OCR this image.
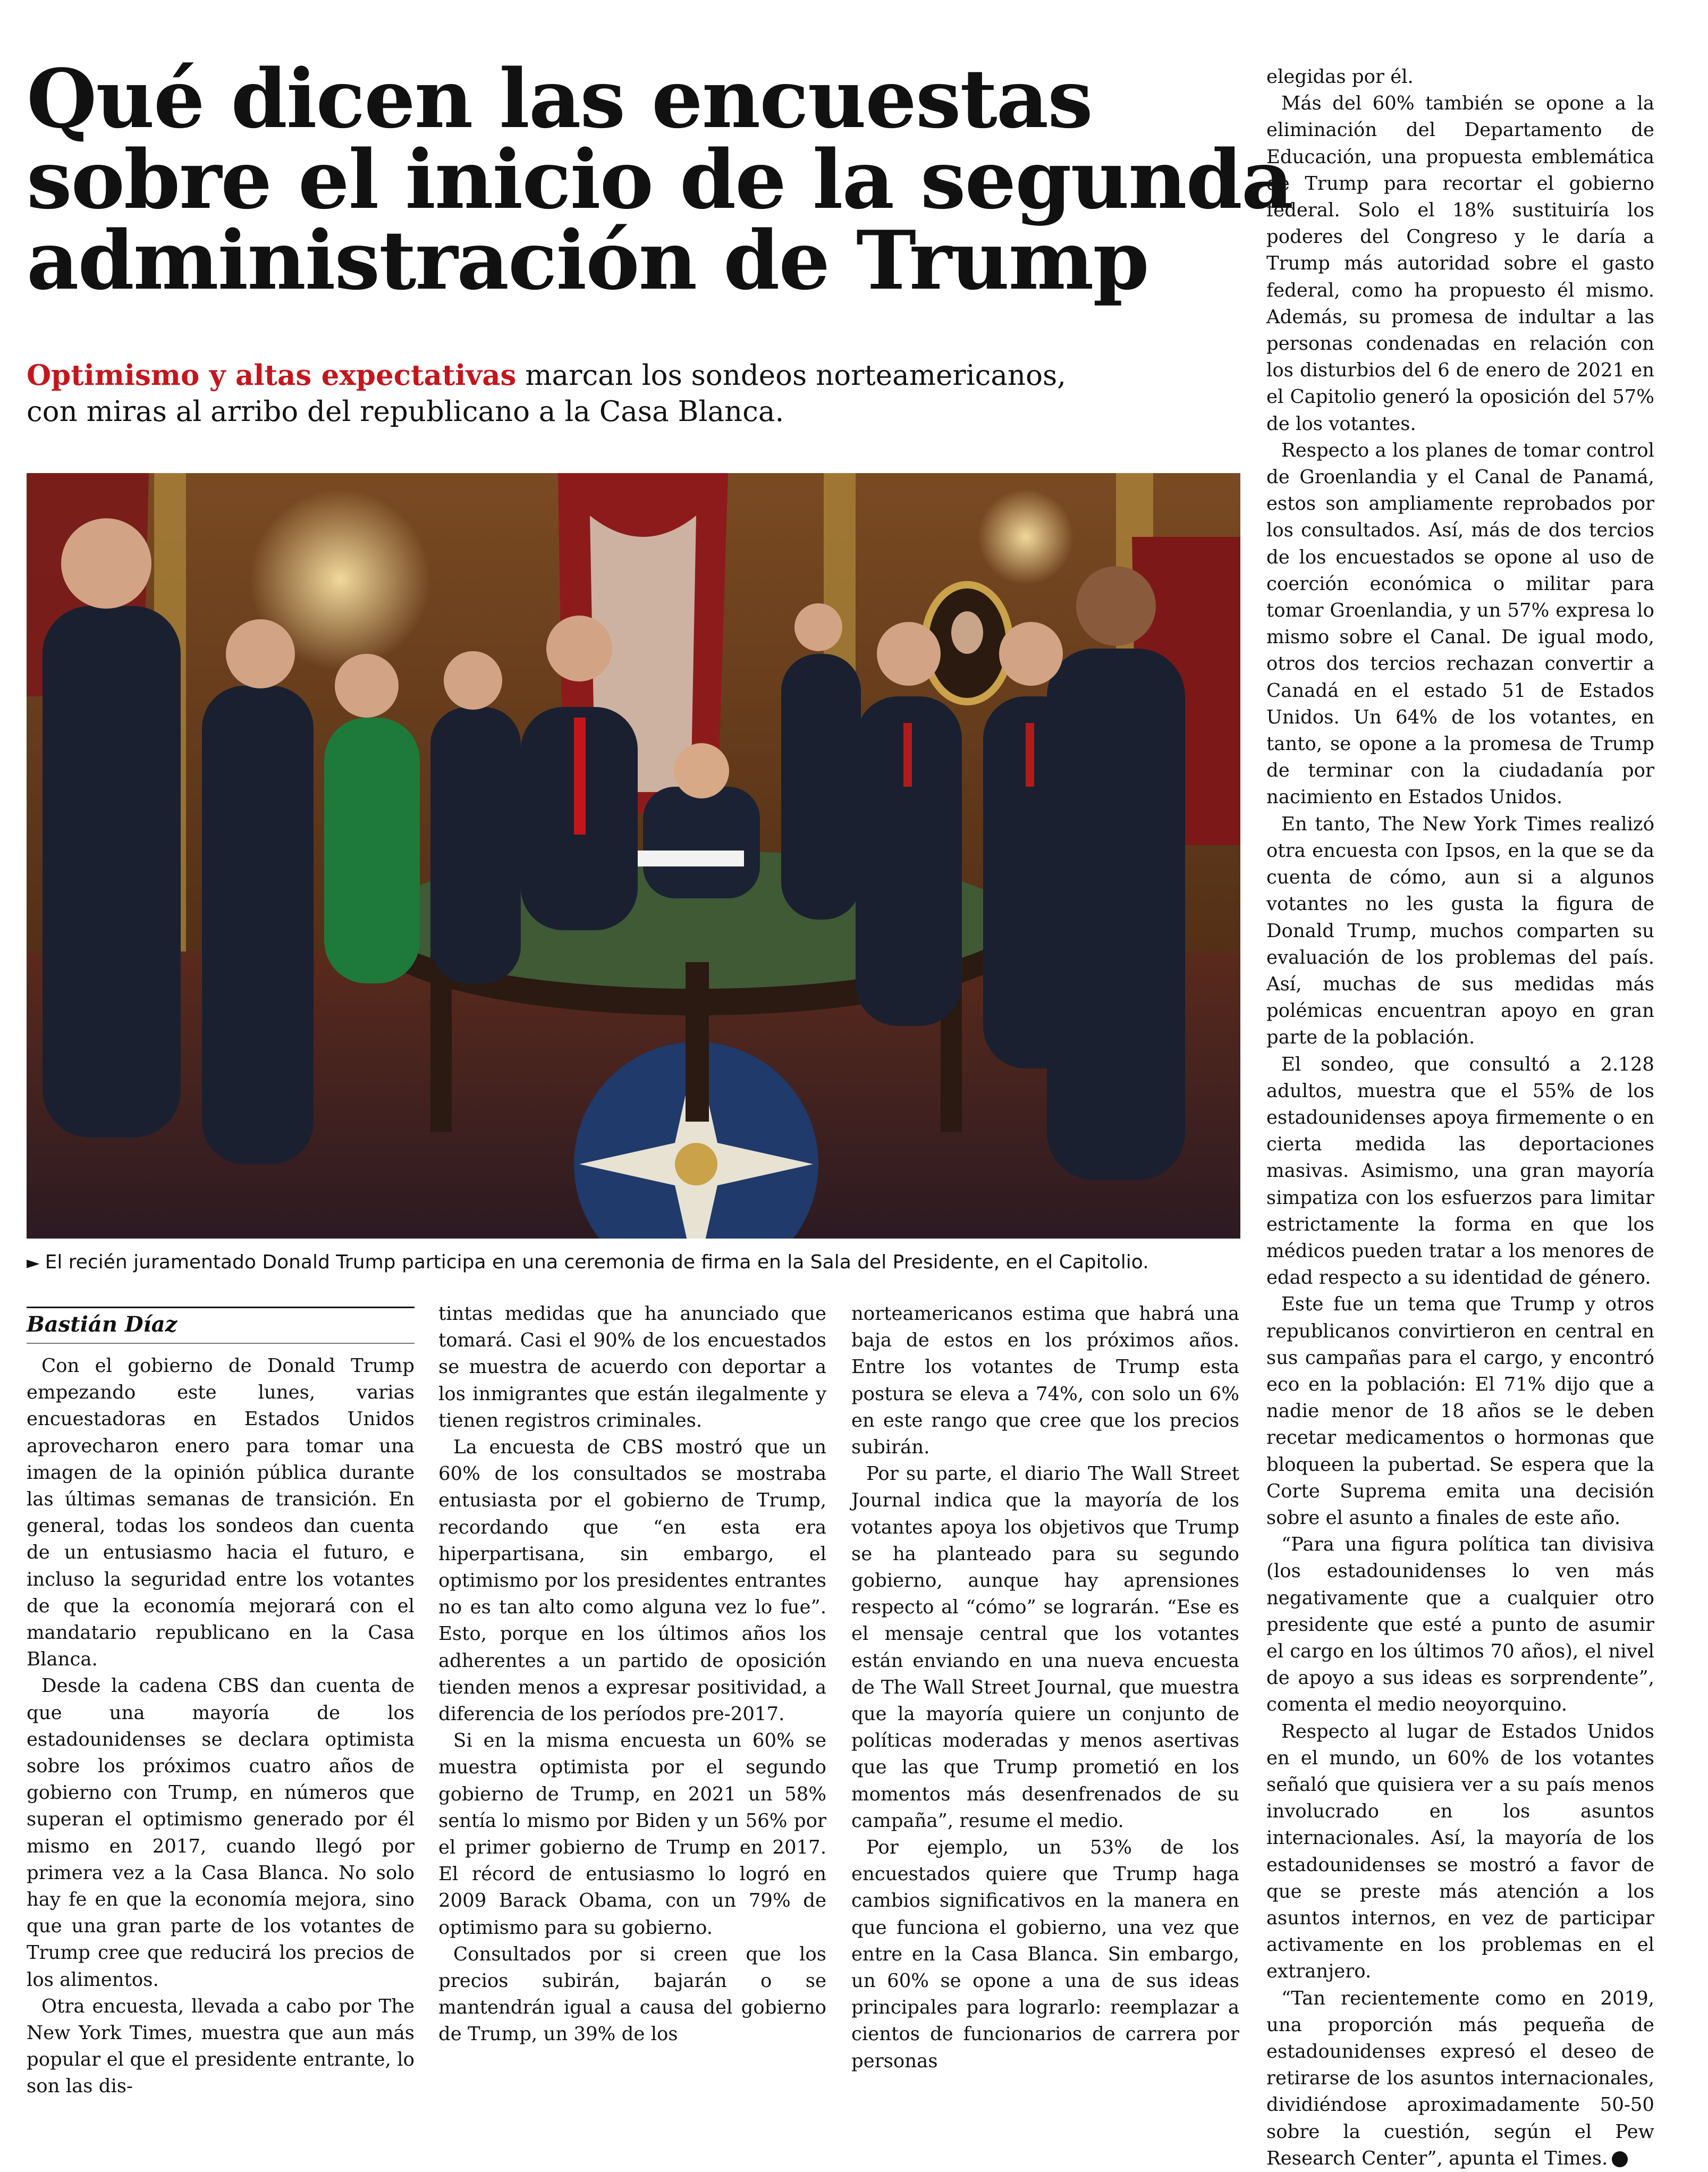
Qué dicen las encuestas
sobre el inicio de la segunda
administración de Trump
Optimismo y altas expectativas marcan los sondeos norteamericanos,
con miras al arribo del republicano a la Casa Blanca.
► El recién juramentado Donald Trump participa en una ceremonia de firma en la Sala del Presidente, en el Capitolio.
Bastián Díaz

Con el gobierno de Donald Trump empezando este lunes, varias encuestadoras en Estados Unidos aprovecharon enero para tomar una imagen de la opinión pública durante las últimas semanas de transición. En general, todas los sondeos dan cuenta de un entusiasmo hacia el futuro, e incluso la seguridad entre los votantes de que la economía mejorará con el mandatario republicano en la Casa Blanca.

Desde la cadena CBS dan cuenta de que una mayoría de los estadounidenses se declara optimista sobre los próximos cuatro años de gobierno con Trump, en números que superan el optimismo generado por él mismo en 2017, cuando llegó por primera vez a la Casa Blanca. No solo hay fe en que la economía mejora, sino que una gran parte de los votantes de Trump cree que reducirá los precios de los alimentos.

Otra encuesta, llevada a cabo por The New York Times, muestra que aun más popular el que el presidente entrante, lo son las dis-

tintas medidas que ha anunciado que tomará. Casi el 90% de los encuestados se muestra de acuerdo con deportar a los inmigrantes que están ilegalmente y tienen registros criminales.

La encuesta de CBS mostró que un 60% de los consultados se mostraba entusiasta por el gobierno de Trump, recordando que “en esta era hiperpartisana, sin embargo, el optimismo por los presidentes entrantes no es tan alto como alguna vez lo fue”. Esto, porque en los últimos años los adherentes a un partido de oposición tienden menos a expresar positividad, a diferencia de los períodos pre-2017.

Si en la misma encuesta un 60% se muestra optimista por el segundo gobierno de Trump, en 2021 un 58% sentía lo mismo por Biden y un 56% por el primer gobierno de Trump en 2017. El récord de entusiasmo lo logró en 2009 Barack Obama, con un 79% de optimismo para su gobierno.

Consultados por si creen que los precios subirán, bajarán o se mantendrán igual a causa del gobierno de Trump, un 39% de los

norteamericanos estima que habrá una baja de estos en los próximos años. Entre los votantes de Trump esta postura se eleva a 74%, con solo un 6% en este rango que cree que los precios subirán.

Por su parte, el diario The Wall Street Journal indica que la mayoría de los votantes apoya los objetivos que Trump se ha planteado para su segundo gobierno, aunque hay aprensiones respecto al “cómo” se lograrán. “Ese es el mensaje central que los votantes están enviando en una nueva encuesta de The Wall Street Journal, que muestra que la mayoría quiere un conjunto de políticas moderadas y menos asertivas que las que Trump prometió en los momentos más desenfrenados de su campaña”, resume el medio.

Por ejemplo, un 53% de los encuestados quiere que Trump haga cambios significativos en la manera en que funciona el gobierno, una vez que entre en la Casa Blanca. Sin embargo, un 60% se opone a una de sus ideas principales para lograrlo: reemplazar a cientos de funcionarios de carrera por personas

elegidas por él.

Más del 60% también se opone a la eliminación del Departamento de Educación, una propuesta emblemática de Trump para recortar el gobierno federal. Solo el 18% sustituiría los poderes del Congreso y le daría a Trump más autoridad sobre el gasto federal, como ha propuesto él mismo. Además, su promesa de indultar a las personas condenadas en relación con los disturbios del 6 de enero de 2021 en el Capitolio generó la oposición del 57% de los votantes.

Respecto a los planes de tomar control de Groenlandia y el Canal de Panamá, estos son ampliamente reprobados por los consultados. Así, más de dos tercios de los encuestados se opone al uso de coerción económica o militar para tomar Groenlandia, y un 57% expresa lo mismo sobre el Canal. De igual modo, otros dos tercios rechazan convertir a Canadá en el estado 51 de Estados Unidos. Un 64% de los votantes, en tanto, se opone a la promesa de Trump de terminar con la ciudadanía por nacimiento en Estados Unidos.

En tanto, The New York Times realizó otra encuesta con Ipsos, en la que se da cuenta de cómo, aun si a algunos votantes no les gusta la figura de Donald Trump, muchos comparten su evaluación de los problemas del país. Así, muchas de sus medidas más polémicas encuentran apoyo en gran parte de la población.

El sondeo, que consultó a 2.128 adultos, muestra que el 55% de los estadounidenses apoya firmemente o en cierta medida las deportaciones masivas. Asimismo, una gran mayoría simpatiza con los esfuerzos para limitar estrictamente la forma en que los médicos pueden tratar a los menores de edad respecto a su identidad de género.

Este fue un tema que Trump y otros republicanos convirtieron en central en sus campañas para el cargo, y encontró eco en la población: El 71% dijo que a nadie menor de 18 años se le deben recetar medicamentos o hormonas que bloqueen la pubertad. Se espera que la Corte Suprema emita una decisión sobre el asunto a finales de este año.

“Para una figura política tan divisiva (los estadounidenses lo ven más negativamente que a cualquier otro presidente que esté a punto de asumir el cargo en los últimos 70 años), el nivel de apoyo a sus ideas es sorprendente”, comenta el medio neoyorquino.

Respecto al lugar de Estados Unidos en el mundo, un 60% de los votantes señaló que quisiera ver a su país menos involucrado en los asuntos internacionales. Así, la mayoría de los estadounidenses se mostró a favor de que se preste más atención a los asuntos internos, en vez de participar activamente en los problemas en el extranjero.

“Tan recientemente como en 2019, una proporción más pequeña de estadounidenses expresó el deseo de retirarse de los asuntos internacionales, dividiéndose aproximadamente 50-50 sobre la cuestión, según el Pew Research Center”, apunta el Times.
